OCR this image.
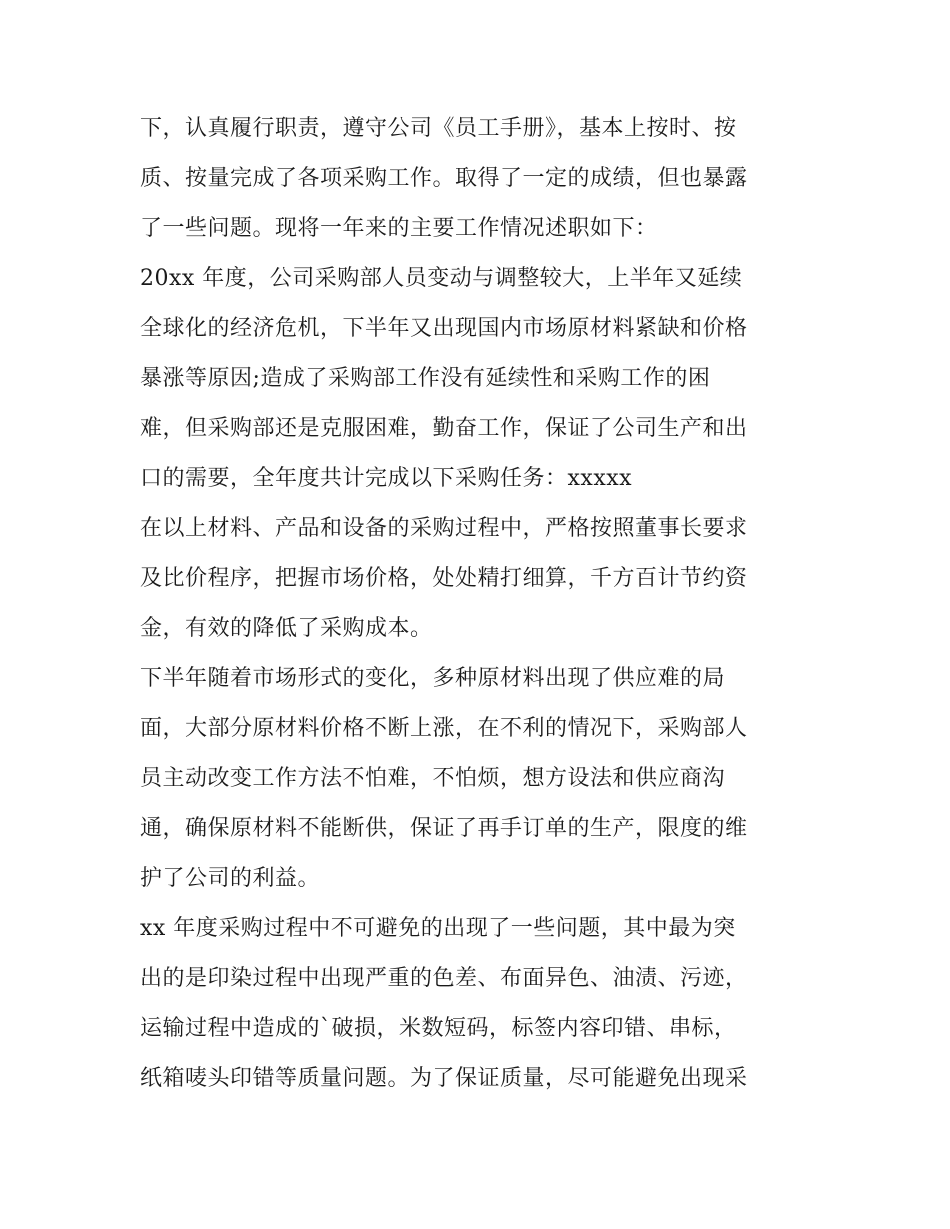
下，认真履行职责，遵守公司《员工手册》，基本上按时、按
质、按量完成了各项采购工作。取得了一定的成绩，但也暴露
了一些问题。现将一年来的主要工作情况述职如下：
20xx 年度，公司采购部人员变动与调整较大，上半年又延续
全球化的经济危机，下半年又出现国内市场原材料紧缺和价格
暴涨等原因;造成了采购部工作没有延续性和采购工作的困
难，但采购部还是克服困难，勤奋工作，保证了公司生产和出
口的需要，全年度共计完成以下采购任务：xxxxx
在以上材料、产品和设备的采购过程中，严格按照董事长要求
及比价程序，把握市场价格，处处精打细算，千方百计节约资
金，有效的降低了采购成本。
下半年随着市场形式的变化，多种原材料出现了供应难的局
面，大部分原材料价格不断上涨，在不利的情况下，采购部人
员主动改变工作方法不怕难，不怕烦，想方设法和供应商沟
通，确保原材料不能断供，保证了再手订单的生产，限度的维
护了公司的利益。
xx 年度采购过程中不可避免的出现了一些问题，其中最为突
出的是印染过程中出现严重的色差、布面异色、油渍、污迹，
运输过程中造成的`破损，米数短码，标签内容印错、串标，
纸箱唛头印错等质量问题。为了保证质量，尽可能避免出现采
